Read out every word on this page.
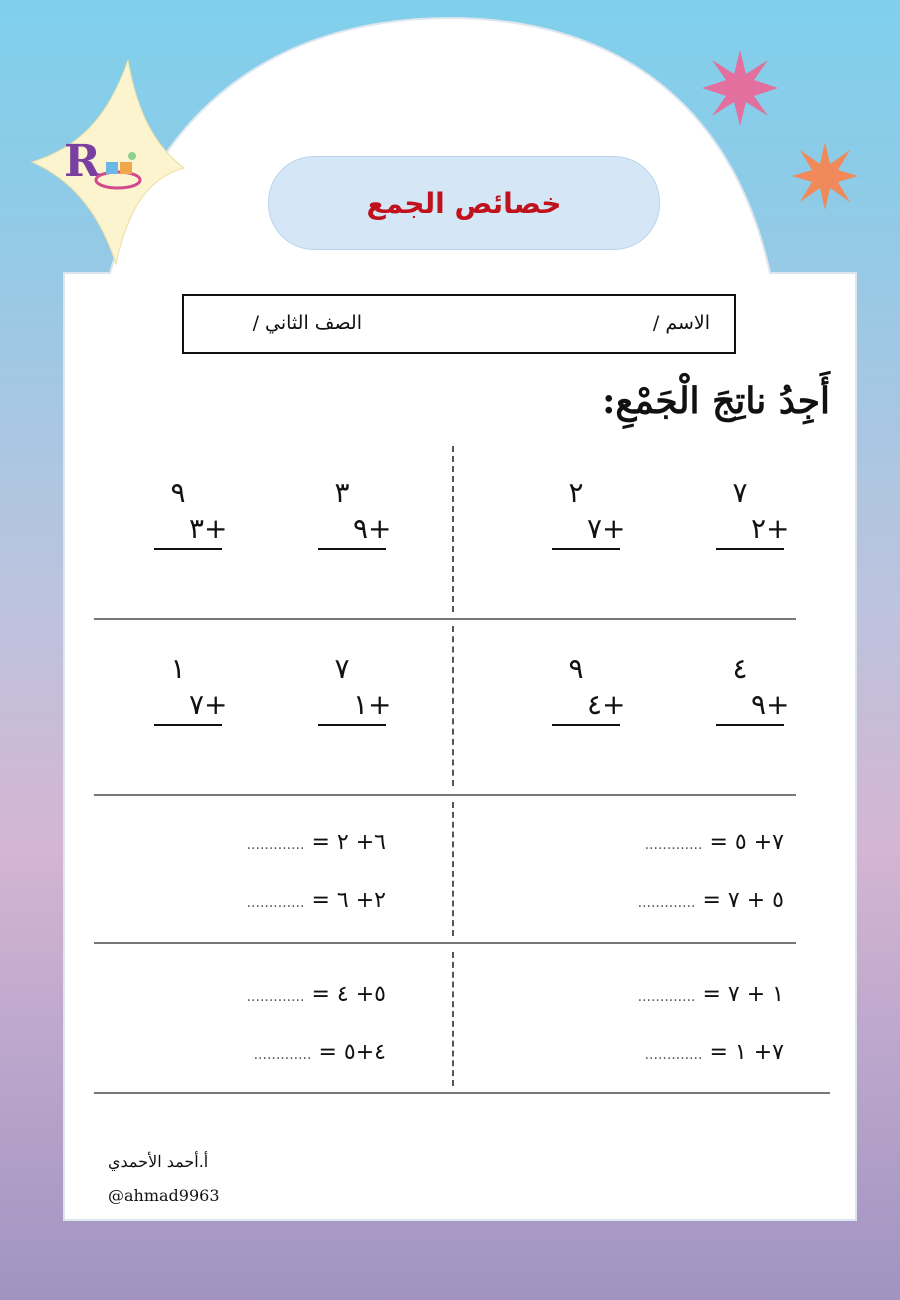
R
خصائص الجمع
الاسم /
الصف الثاني /
أَجِدُ ناتِجَ الْجَمْعِ:
٧
٢ +
٢
٧ +
٣
٩ +
٩
٣ +
٤
٩ +
٩
٤ +
٧
١ +
١
٧ +
٧+ ٥ = .............
٥ + ٧ = .............
٦+ ٢ = .............
٢+ ٦ = .............
١ + ٧ = .............
٧+ ١ = .............
٥+ ٤ = .............
٤+٥ = .............
أ.أحمد الأحمدي
@ahmad9963
